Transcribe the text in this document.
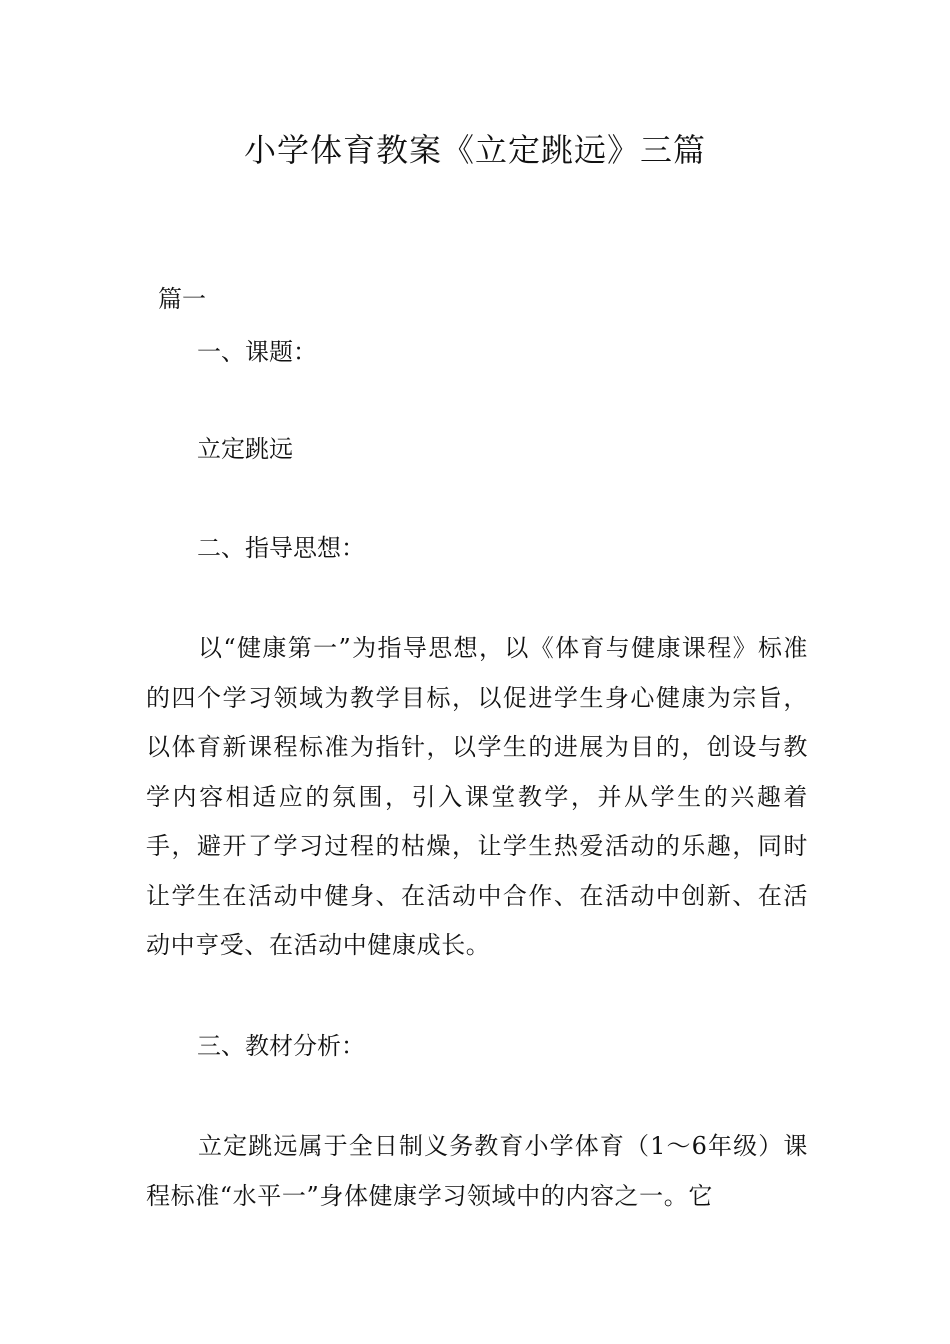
小学体育教案《立定跳远》三篇

篇一

一、课题：

立定跳远

二、指导思想：

以“健康第一”为指导思想，以《体育与健康课程》标准的四个学习领域为教学目标，以促进学生身心健康为宗旨，以体育新课程标准为指针，以学生的进展为目的，创设与教学内容相适应的氛围，引入课堂教学，并从学生的兴趣着手，避开了学习过程的枯燥，让学生热爱活动的乐趣，同时让学生在活动中健身、在活动中合作、在活动中创新、在活动中亨受、在活动中健康成长。

三、教材分析：

立定跳远属于全日制义务教育小学体育（1～6年级）课程标准“水平一”身体健康学习领域中的内容之一。它
